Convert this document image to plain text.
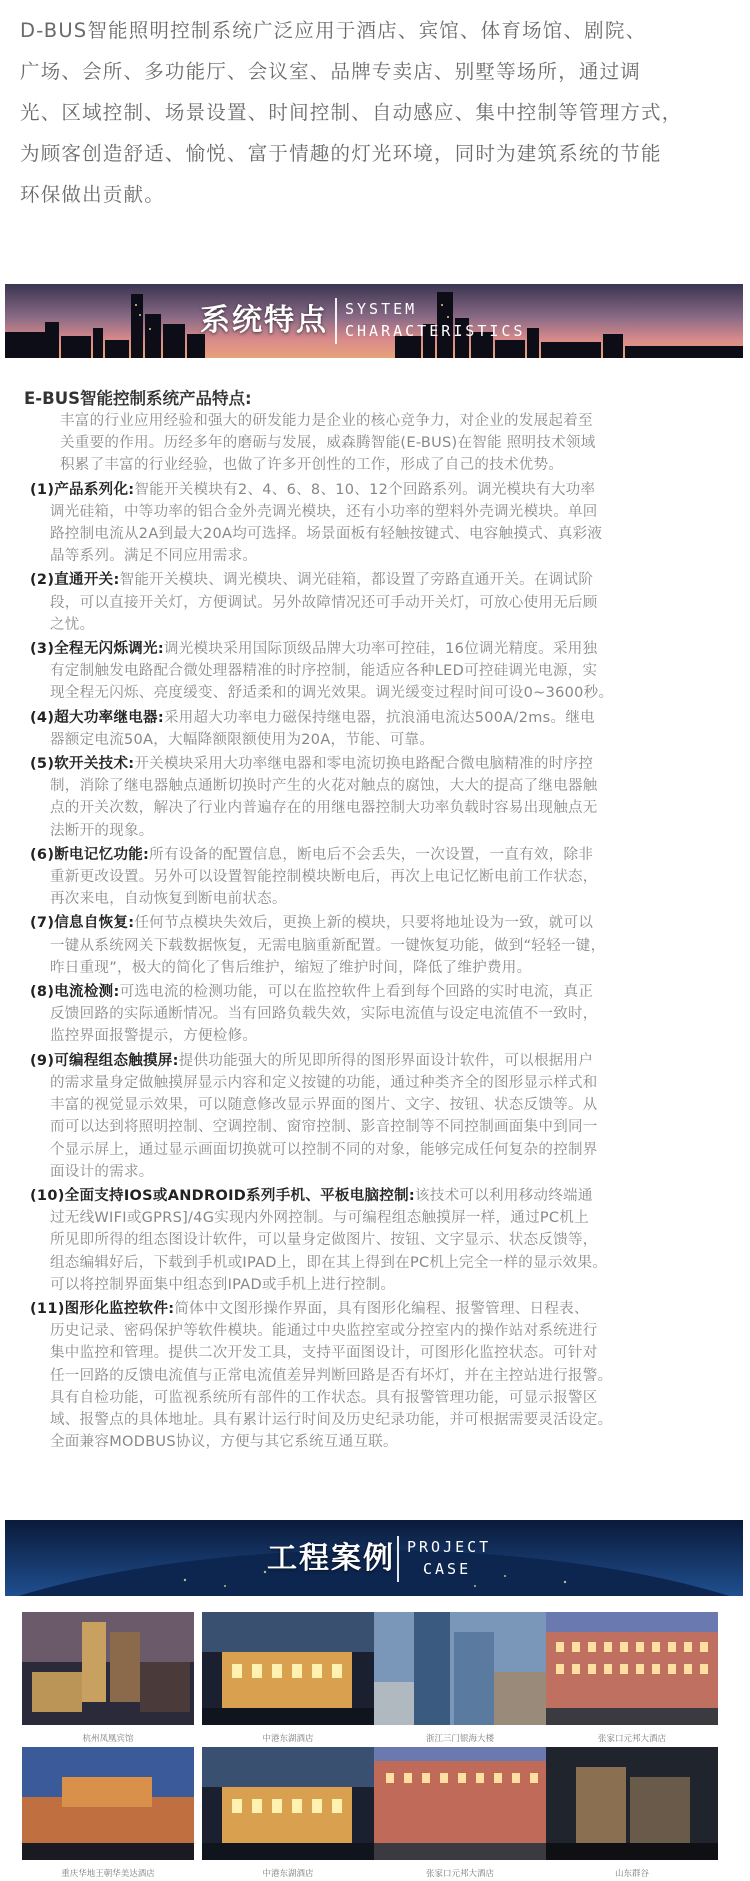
D-BUS智能照明控制系统广泛应用于酒店、宾馆、体育场馆、剧院、
广场、会所、多功能厅、会议室、品牌专卖店、别墅等场所，通过调
光、区域控制、场景设置、时间控制、自动感应、集中控制等管理方式，
为顾客创造舒适、愉悦、富于情趣的灯光环境，同时为建筑系统的节能
环保做出贡献。
系统特点 SYSTEM
CHARACTERISTICS
E-BUS智能控制系统产品特点:
丰富的行业应用经验和强大的研发能力是企业的核心竞争力，对企业的发展起着至
关重要的作用。历经多年的磨砺与发展，威森腾智能(E-BUS)在智能 照明技术领域
积累了丰富的行业经验，也做了许多开创性的工作，形成了自己的技术优势。
(1)产品系列化:智能开关模块有2、4、6、8、10、12个回路系列。调光模块有大功率
调光硅箱，中等功率的铝合金外壳调光模块，还有小功率的塑料外壳调光模块。单回
路控制电流从2A到最大20A均可选择。场景面板有轻触按键式、电容触摸式、真彩液
晶等系列。满足不同应用需求。
(2)直通开关:智能开关模块、调光模块、调光硅箱，都设置了旁路直通开关。在调试阶
段，可以直接开关灯，方便调试。另外故障情况还可手动开关灯，可放心使用无后顾
之忧。
(3)全程无闪烁调光:调光模块采用国际顶级品牌大功率可控硅，16位调光精度。采用独
有定制触发电路配合微处理器精准的时序控制，能适应各种LED可控硅调光电源，实
现全程无闪烁、亮度缓变、舒适柔和的调光效果。调光缓变过程时间可设0~3600秒。
(4)超大功率继电器:采用超大功率电力磁保持继电器，抗浪涌电流达500A/2ms。继电
器额定电流50A，大幅降额限额使用为20A，节能、可靠。
(5)软开关技术:开关模块采用大功率继电器和零电流切换电路配合微电脑精准的时序控
制，消除了继电器触点通断切换时产生的火花对触点的腐蚀，大大的提高了继电器触
点的开关次数，解决了行业内普遍存在的用继电器控制大功率负载时容易出现触点无
法断开的现象。
(6)断电记忆功能:所有设备的配置信息，断电后不会丢失，一次设置，一直有效，除非
重新更改设置。另外可以设置智能控制模块断电后，再次上电记忆断电前工作状态，
再次来电，自动恢复到断电前状态。
(7)信息自恢复:任何节点模块失效后，更换上新的模块，只要将地址设为一致，就可以
一键从系统网关下载数据恢复，无需电脑重新配置。一键恢复功能，做到“轻轻一键，
昨日重现”，极大的简化了售后维护，缩短了维护时间，降低了维护费用。
(8)电流检测:可选电流的检测功能，可以在监控软件上看到每个回路的实时电流，真正
反馈回路的实际通断情况。当有回路负载失效，实际电流值与设定电流值不一致时，
监控界面报警提示，方便检修。
(9)可编程组态触摸屏:提供功能强大的所见即所得的图形界面设计软件，可以根据用户
的需求量身定做触摸屏显示内容和定义按键的功能，通过种类齐全的图形显示样式和
丰富的视觉显示效果，可以随意修改显示界面的图片、文字、按钮、状态反馈等。从
而可以达到将照明控制、空调控制、窗帘控制、影音控制等不同控制画面集中到同一
个显示屏上，通过显示画面切换就可以控制不同的对象，能够完成任何复杂的控制界
面设计的需求。
(10)全面支持IOS或ANDROID系列手机、平板电脑控制:该技术可以利用移动终端通
过无线WIFI或GPRS]/4G实现内外网控制。与可编程组态触摸屏一样，通过PC机上
所见即所得的组态图设计软件，可以量身定做图片、按钮、文字显示、状态反馈等，
组态编辑好后，下载到手机或IPAD上，即在其上得到在PC机上完全一样的显示效果。
可以将控制界面集中组态到IPAD或手机上进行控制。
(11)图形化监控软件:简体中文图形操作界面，具有图形化编程、报警管理、日程表、
历史记录、密码保护等软件模块。能通过中央监控室或分控室内的操作站对系统进行
集中监控和管理。提供二次开发工具，支持平面图设计，可图形化监控状态。可针对
任一回路的反馈电流值与正常电流值差异判断回路是否有坏灯，并在主控站进行报警。
具有自检功能，可监视系统所有部件的工作状态。具有报警管理功能，可显示报警区
域、报警点的具体地址。具有累计运行时间及历史纪录功能，并可根据需要灵活设定。
全面兼容MODBUS协议，方便与其它系统互通互联。
工程案例 PROJECT
CASE
杭州凤凰宾馆	中港东湖酒店	浙江三门银海大楼	张家口元邦大酒店
重庆华地王朝华美达酒店	中港东湖酒店	张家口元邦大酒店	山东群谷
